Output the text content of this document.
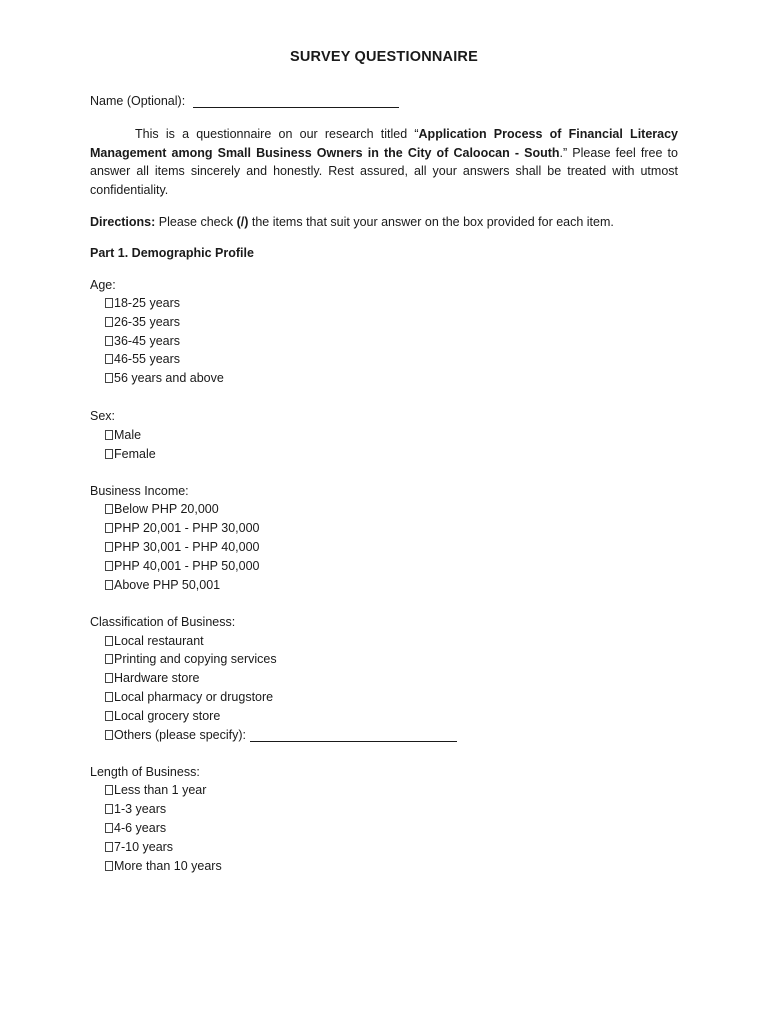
SURVEY QUESTIONNAIRE
Name (Optional):
This is a questionnaire on our research titled “Application Process of Financial Literacy Management among Small Business Owners in the City of Caloocan - South.” Please feel free to answer all items sincerely and honestly. Rest assured, all your answers shall be treated with utmost confidentiality.
Directions: Please check (/) the items that suit your answer on the box provided for each item.
Part 1. Demographic Profile
Age:
18-25 years
26-35 years
36-45 years
46-55 years
56 years and above
Sex:
Male
Female
Business Income:
Below PHP 20,000
PHP 20,001 - PHP 30,000
PHP 30,001 - PHP 40,000
PHP 40,001 - PHP 50,000
Above PHP 50,001
Classification of Business:
Local restaurant
Printing and copying services
Hardware store
Local pharmacy or drugstore
Local grocery store
Others (please specify):
Length of Business:
Less than 1 year
1-3 years
4-6 years
7-10 years
More than 10 years
